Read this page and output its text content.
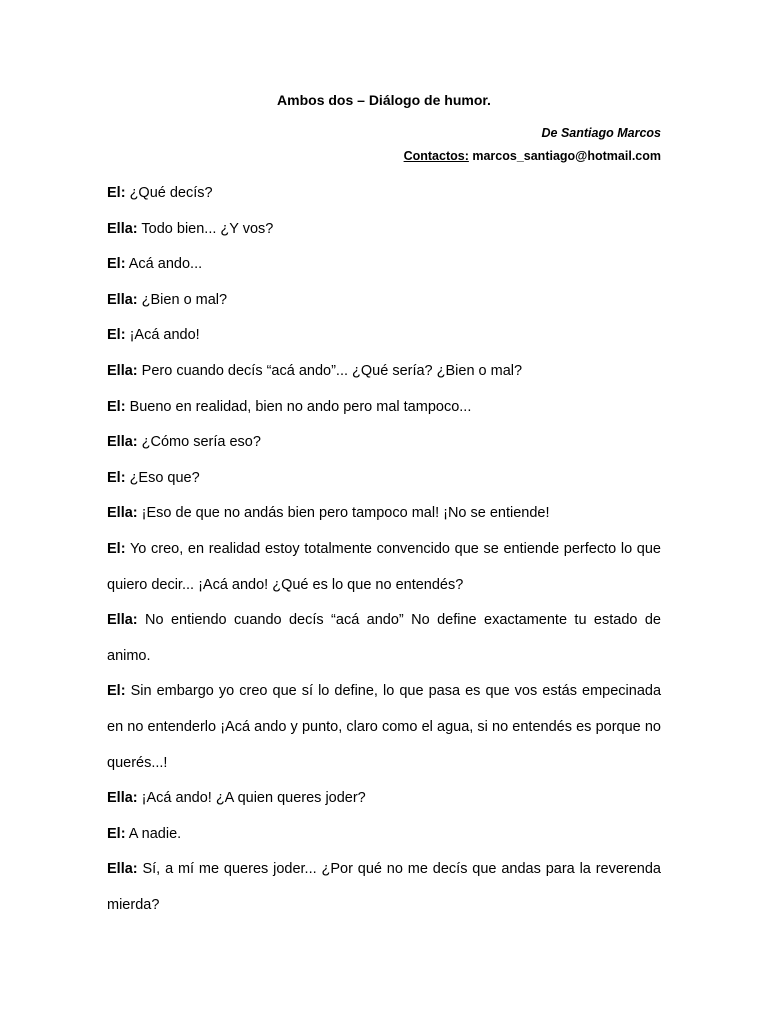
Ambos dos – Diálogo de humor.

De Santiago Marcos

Contactos: marcos_santiago@hotmail.com

El: ¿Qué decís?

Ella: Todo bien... ¿Y vos?

El: Acá ando...

Ella: ¿Bien o mal?

El: ¡Acá ando!

Ella: Pero cuando decís “acá ando”... ¿Qué sería? ¿Bien o mal?

El: Bueno en realidad, bien no ando pero mal tampoco...

Ella: ¿Cómo sería eso?

El: ¿Eso que?

Ella: ¡Eso de que no andás bien pero tampoco mal! ¡No se entiende!

El: Yo creo, en realidad estoy totalmente convencido que se entiende perfecto lo que quiero decir... ¡Acá ando! ¿Qué es lo que no entendés?

Ella: No entiendo cuando decís “acá ando” No define exactamente tu estado de animo.

El: Sin embargo yo creo que sí lo define, lo que pasa es que vos estás empecinada en no entenderlo ¡Acá ando y punto, claro como el agua, si no entendés es porque no querés...!

Ella: ¡Acá ando! ¿A quien queres joder?

El: A nadie.

Ella: Sí, a mí me queres joder... ¿Por qué no me decís que andas para la reverenda mierda?
